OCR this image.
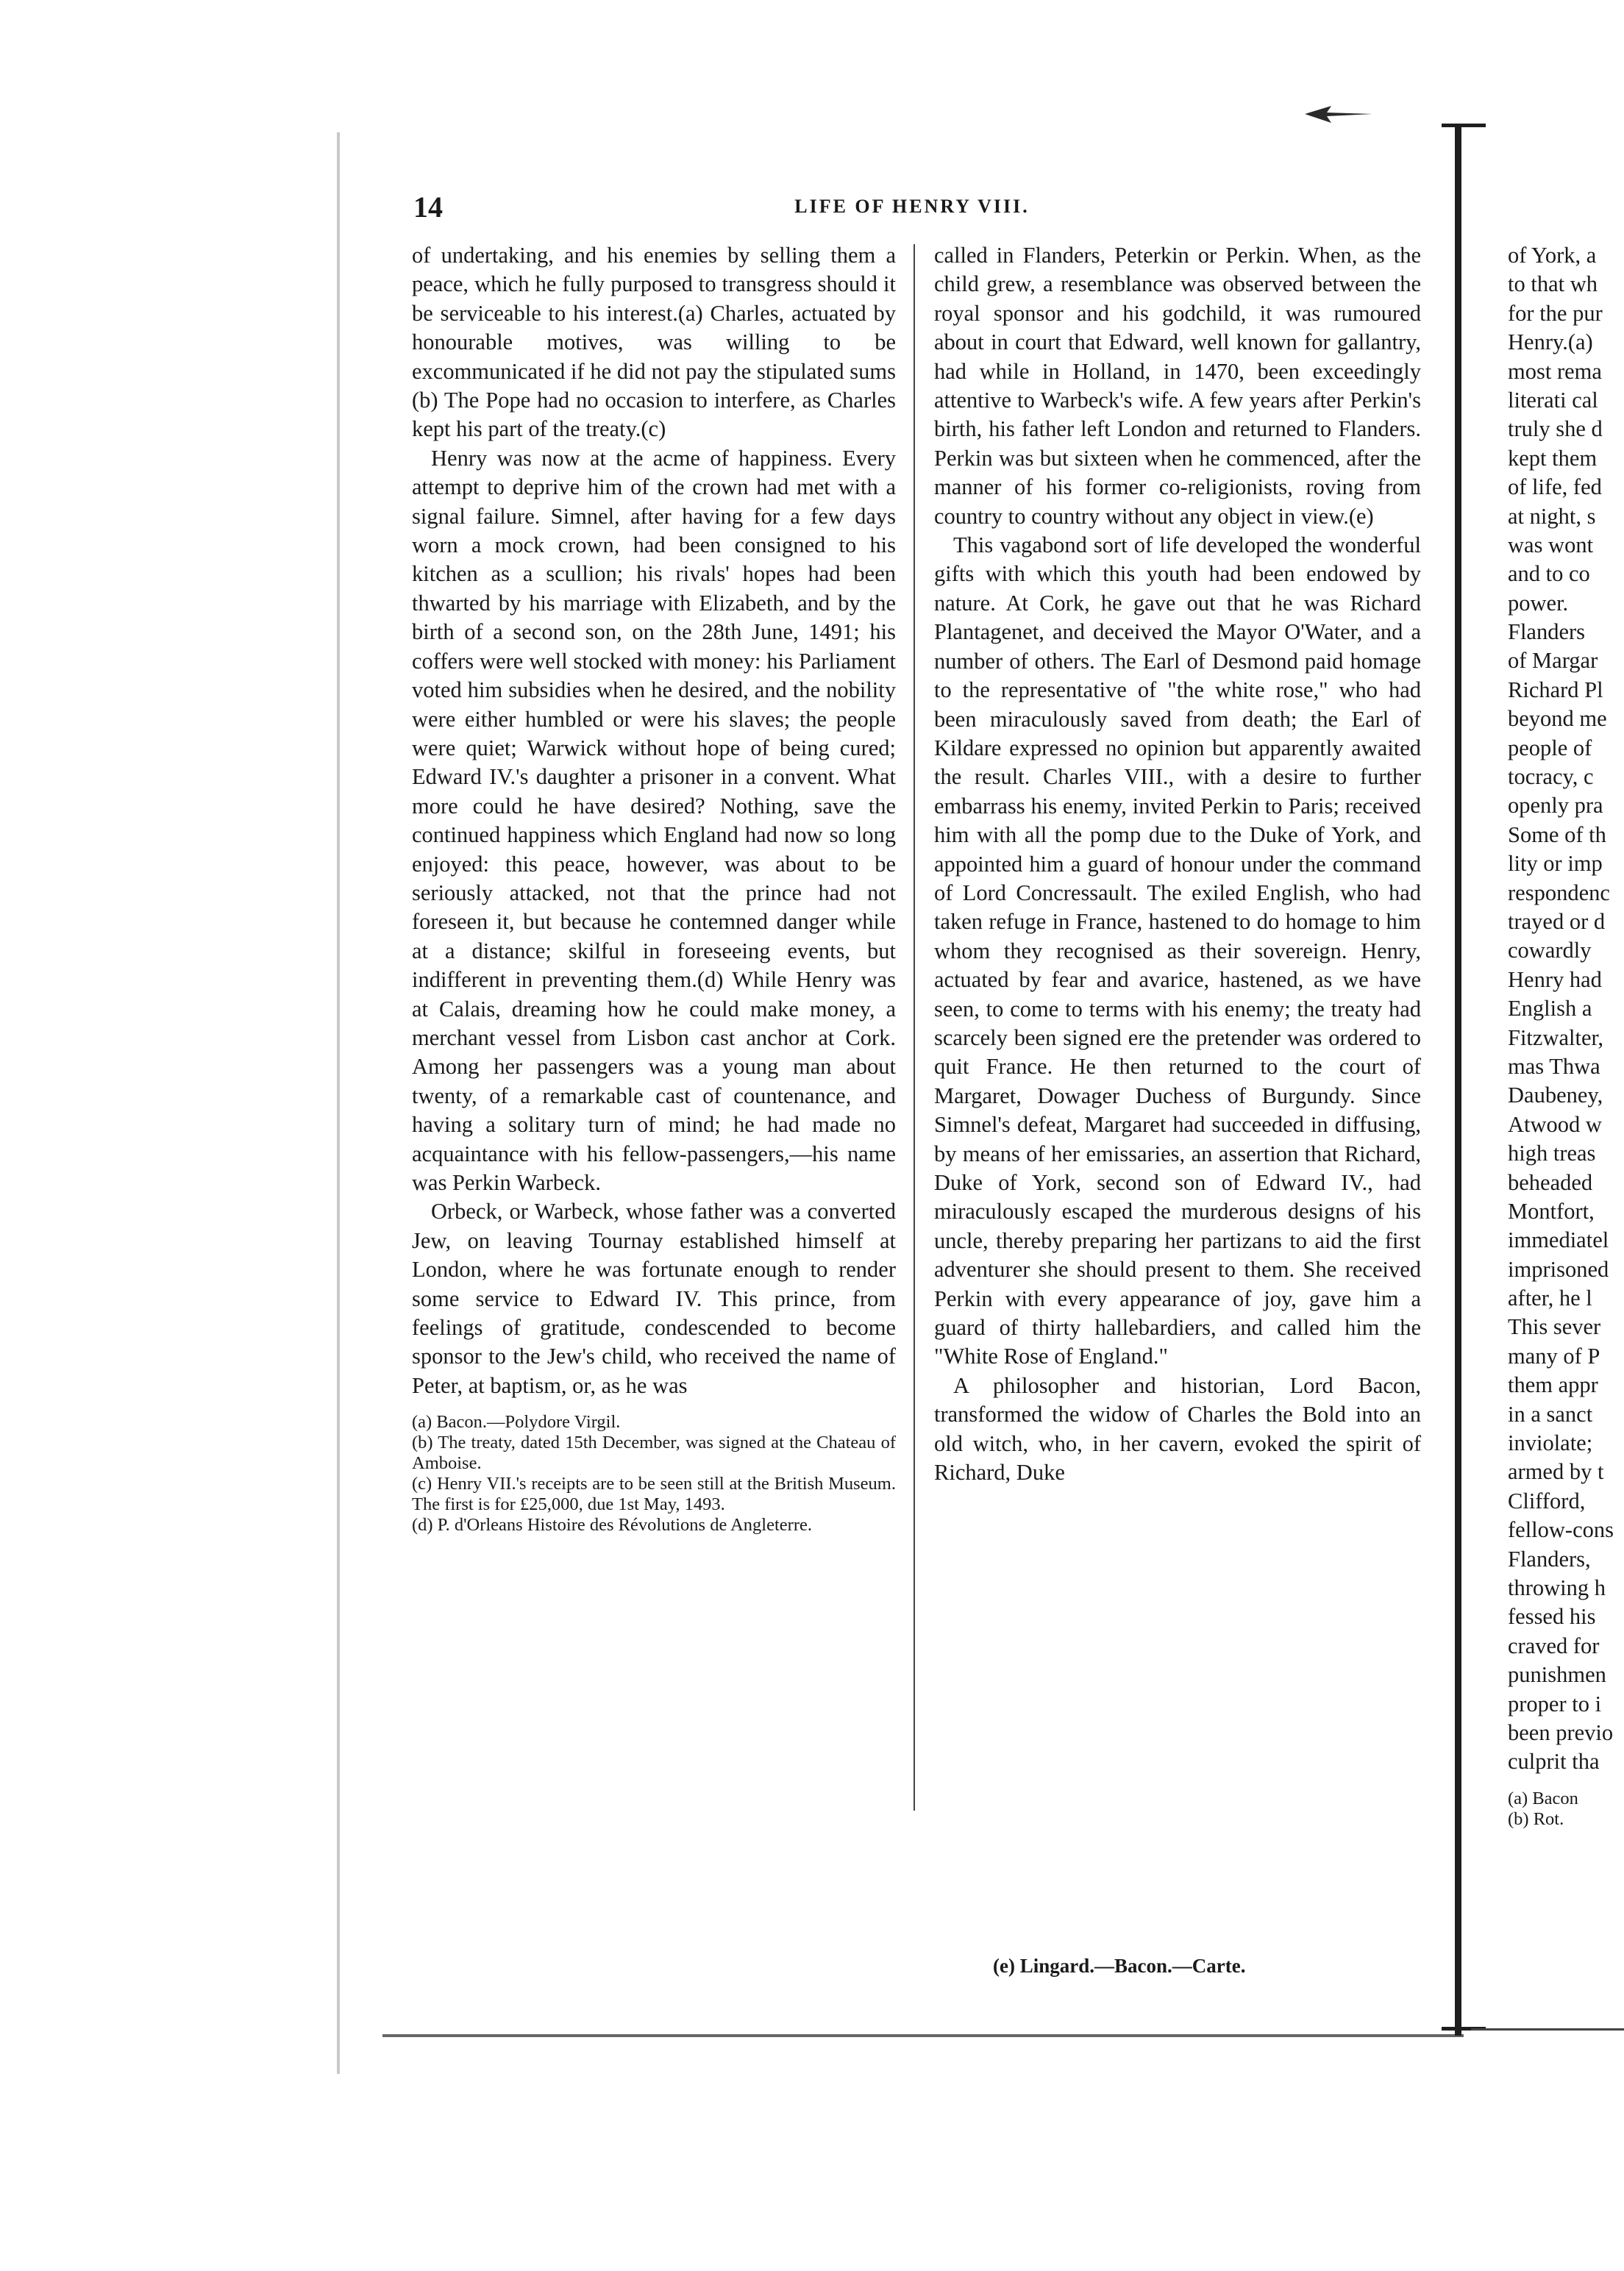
14	LIFE OF HENRY VIII.

of undertaking, and his enemies by selling them a peace, which he fully purposed to transgress should it be serviceable to his interest.(a) Charles, actuated by honourable motives, was willing to be excommunicated if he did not pay the stipulated sums (b) The Pope had no occasion to interfere, as Charles kept his part of the treaty.(c)

Henry was now at the acme of happiness. Every attempt to deprive him of the crown had met with a signal failure. Simnel, after having for a few days worn a mock crown, had been consigned to his kitchen as a scullion; his rivals' hopes had been thwarted by his marriage with Elizabeth, and by the birth of a second son, on the 28th June, 1491; his coffers were well stocked with money: his Parliament voted him subsidies when he desired, and the nobility were either humbled or were his slaves; the people were quiet; Warwick without hope of being cured; Edward IV.'s daughter a prisoner in a convent. What more could he have desired? Nothing, save the continued happiness which England had now so long enjoyed: this peace, however, was about to be seriously attacked, not that the prince had not foreseen it, but because he contemned danger while at a distance; skilful in foreseeing events, but indifferent in preventing them.(d) While Henry was at Calais, dreaming how he could make money, a merchant vessel from Lisbon cast anchor at Cork. Among her passengers was a young man about twenty, of a remarkable cast of countenance, and having a solitary turn of mind; he had made no acquaintance with his fellow-passengers,—his name was Perkin Warbeck.

Orbeck, or Warbeck, whose father was a converted Jew, on leaving Tournay established himself at London, where he was fortunate enough to render some service to Edward IV. This prince, from feelings of gratitude, condescended to become sponsor to the Jew's child, who received the name of Peter, at baptism, or, as he was

(a) Bacon.—Polydore Virgil.

(b) The treaty, dated 15th December, was signed at the Chateau of Amboise.

(c) Henry VII.'s receipts are to be seen still at the British Museum. The first is for £25,000, due 1st May, 1493.

(d) P. d'Orleans Histoire des Révolutions de Angleterre.

called in Flanders, Peterkin or Perkin. When, as the child grew, a resemblance was observed between the royal sponsor and his godchild, it was rumoured about in court that Edward, well known for gallantry, had while in Holland, in 1470, been exceedingly attentive to Warbeck's wife. A few years after Perkin's birth, his father left London and returned to Flanders. Perkin was but sixteen when he commenced, after the manner of his former co-religionists, roving from country to country without any object in view.(e)

This vagabond sort of life developed the wonderful gifts with which this youth had been endowed by nature. At Cork, he gave out that he was Richard Plantagenet, and deceived the Mayor O'Water, and a number of others. The Earl of Desmond paid homage to the representative of "the white rose," who had been miraculously saved from death; the Earl of Kildare expressed no opinion but apparently awaited the result. Charles VIII., with a desire to further embarrass his enemy, invited Perkin to Paris; received him with all the pomp due to the Duke of York, and appointed him a guard of honour under the command of Lord Concressault. The exiled English, who had taken refuge in France, hastened to do homage to him whom they recognised as their sovereign. Henry, actuated by fear and avarice, hastened, as we have seen, to come to terms with his enemy; the treaty had scarcely been signed ere the pretender was ordered to quit France. He then returned to the court of Margaret, Dowager Duchess of Burgundy. Since Simnel's defeat, Margaret had succeeded in diffusing, by means of her emissaries, an assertion that Richard, Duke of York, second son of Edward IV., had miraculously escaped the murderous designs of his uncle, thereby preparing her partizans to aid the first adventurer she should present to them. She received Perkin with every appearance of joy, gave him a guard of thirty hallebardiers, and called him the "White Rose of England."

A philosopher and historian, Lord Bacon, transformed the widow of Charles the Bold into an old witch, who, in her cavern, evoked the spirit of Richard, Duke

(e) Lingard.—Bacon.—Carte.
of York, a
to that wh
for the pur
Henry.(a)
most rema
literati cal
truly she d
kept them
of life, fed
at night, s
was wont
and to co
power.
Flanders
of Margar
Richard Pl
beyond me
people of
tocracy, c
openly pra
Some of th
lity or imp
respondenc
trayed or d
cowardly
Henry had
English a
Fitzwalter,
mas Thwa
Daubeney,
Atwood w
high treas
beheaded
Montfort,
immediatel
imprisoned
after, he l
This sever
many of P
them appr
in a sanct
inviolate;
armed by t
Clifford,
fellow-cons
Flanders,
throwing h
fessed his
craved for
punishmen
proper to i
been previo
culprit tha
(a) Bacon
(b) Rot.
